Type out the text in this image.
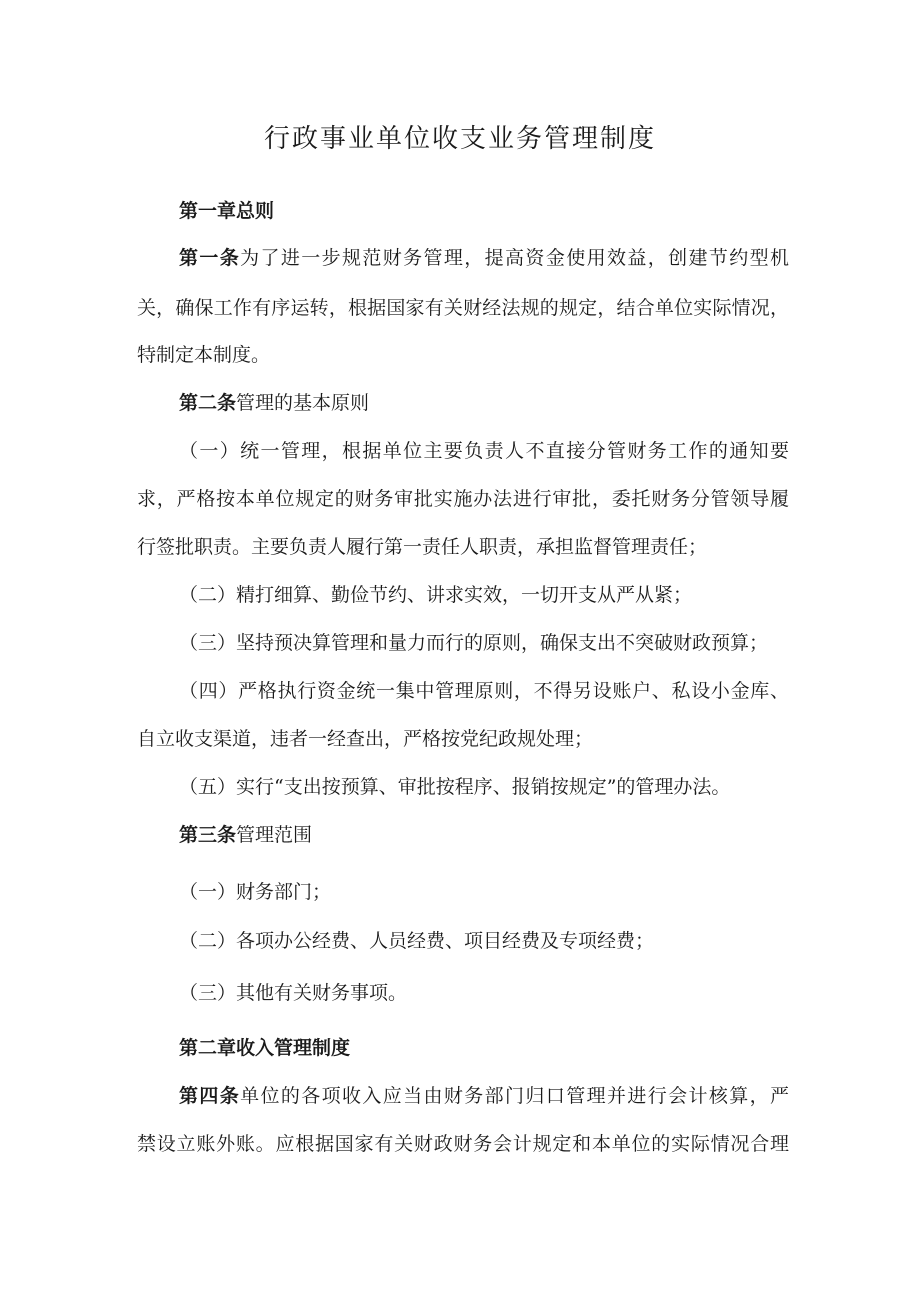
行政事业单位收支业务管理制度
第一章总则
第一条为了进一步规范财务管理，提高资金使用效益，创建节约型机
关，确保工作有序运转，根据国家有关财经法规的规定，结合单位实际情况，
特制定本制度。
第二条管理的基本原则
（一）统一管理，根据单位主要负责人不直接分管财务工作的通知要
求，严格按本单位规定的财务审批实施办法进行审批，委托财务分管领导履
行签批职责。主要负责人履行第一责任人职责，承担监督管理责任；
（二）精打细算、勤俭节约、讲求实效，一切开支从严从紧；
（三）坚持预决算管理和量力而行的原则，确保支出不突破财政预算；
（四）严格执行资金统一集中管理原则，不得另设账户、私设小金库、
自立收支渠道，违者一经查出，严格按党纪政规处理；
（五）实行“支出按预算、审批按程序、报销按规定”的管理办法。
第三条管理范围
（一）财务部门；
（二）各项办公经费、人员经费、项目经费及专项经费；
（三）其他有关财务事项。
第二章收入管理制度
第四条单位的各项收入应当由财务部门归口管理并进行会计核算，严
禁设立账外账。应根据国家有关财政财务会计规定和本单位的实际情况合理
